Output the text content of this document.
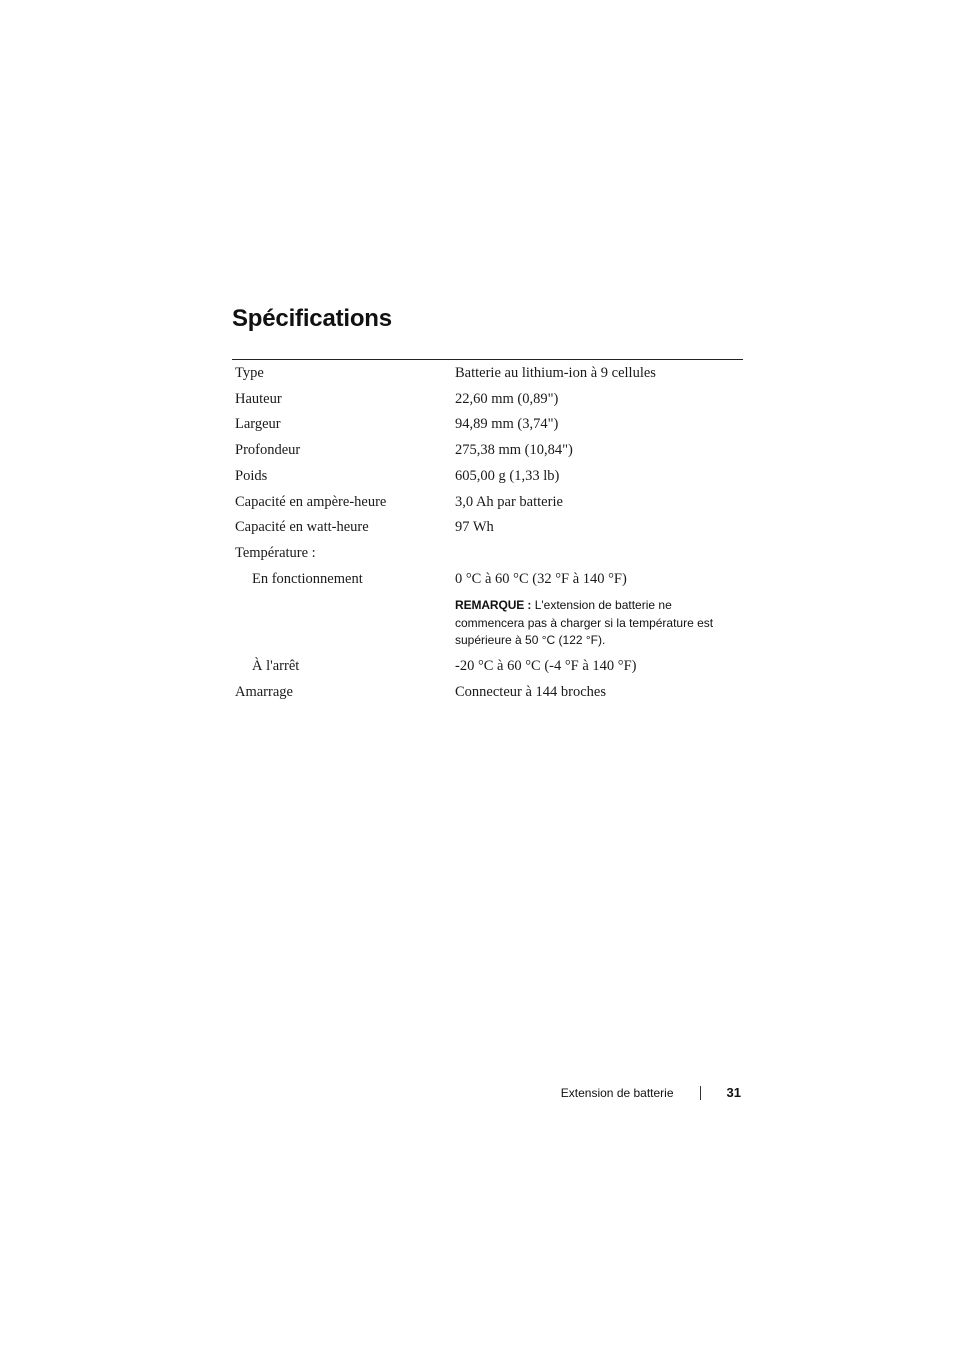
Spécifications
Type	Batterie au lithium-ion à 9 cellules
Hauteur	22,60 mm (0,89")
Largeur	94,89 mm (3,74")
Profondeur	275,38 mm (10,84")
Poids	605,00 g (1,33 lb)
Capacité en ampère-heure	3,0 Ah par batterie
Capacité en watt-heure	97 Wh
Température :
En fonctionnement	0 °C à 60 °C (32 °F à 140 °F)
REMARQUE : L'extension de batterie ne commencera pas à charger si la température est supérieure à 50 °C (122 °F).
À l'arrêt	-20 °C à 60 °C (-4 °F à 140 °F)
Amarrage	Connecteur à 144 broches
Extension de batterie	31
